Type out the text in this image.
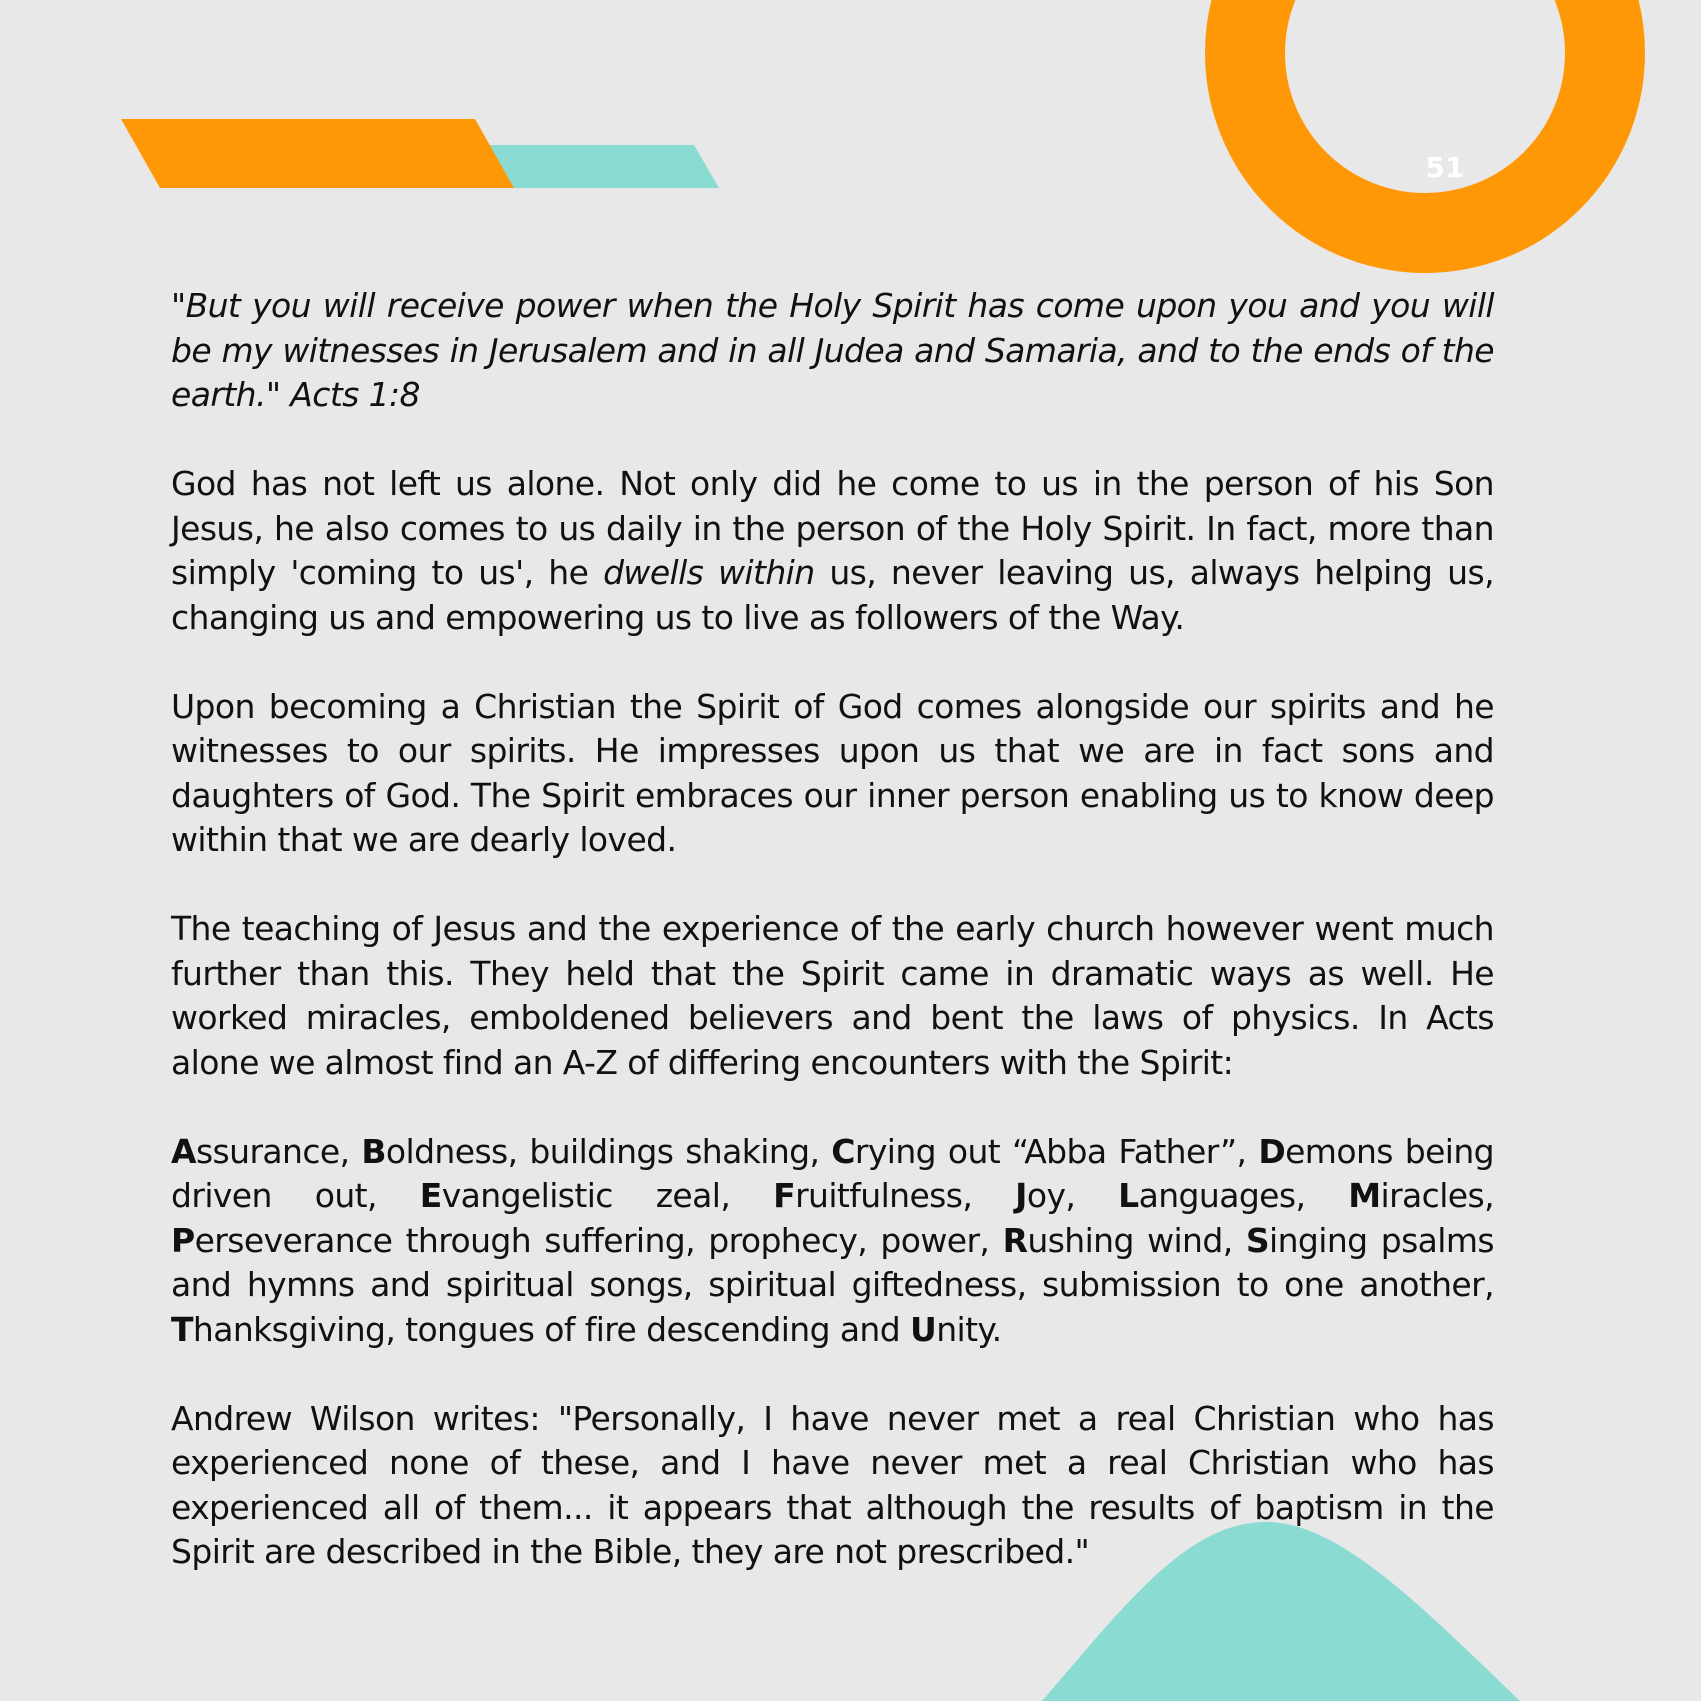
51

"But you will receive power when the Holy Spirit has come upon you and you will be my witnesses in Jerusalem and in all Judea and Samaria, and to the ends of the earth." Acts 1:8

God has not left us alone. Not only did he come to us in the person of his Son Jesus, he also comes to us daily in the person of the Holy Spirit. In fact, more than simply 'coming to us', he dwells within us, never leaving us, always helping us, changing us and empowering us to live as followers of the Way.

Upon becoming a Christian the Spirit of God comes alongside our spirits and he witnesses to our spirits. He impresses upon us that we are in fact sons and daughters of God. The Spirit embraces our inner person enabling us to know deep within that we are dearly loved.

The teaching of Jesus and the experience of the early church however went much further than this. They held that the Spirit came in dramatic ways as well. He worked miracles, emboldened believers and bent the laws of physics. In Acts alone we almost find an A-Z of differing encounters with the Spirit:

Assurance, Boldness, buildings shaking, Crying out “Abba Father”, Demons being driven out, Evangelistic zeal, Fruitfulness, Joy, Languages, Miracles, Perseverance through suffering, prophecy, power, Rushing wind, Singing psalms and hymns and spiritual songs, spiritual giftedness, submission to one another, Thanksgiving, tongues of fire descending and Unity.

Andrew Wilson writes: "Personally, I have never met a real Christian who has experienced none of these, and I have never met a real Christian who has experienced all of them... it appears that although the results of baptism in the Spirit are described in the Bible, they are not prescribed."
